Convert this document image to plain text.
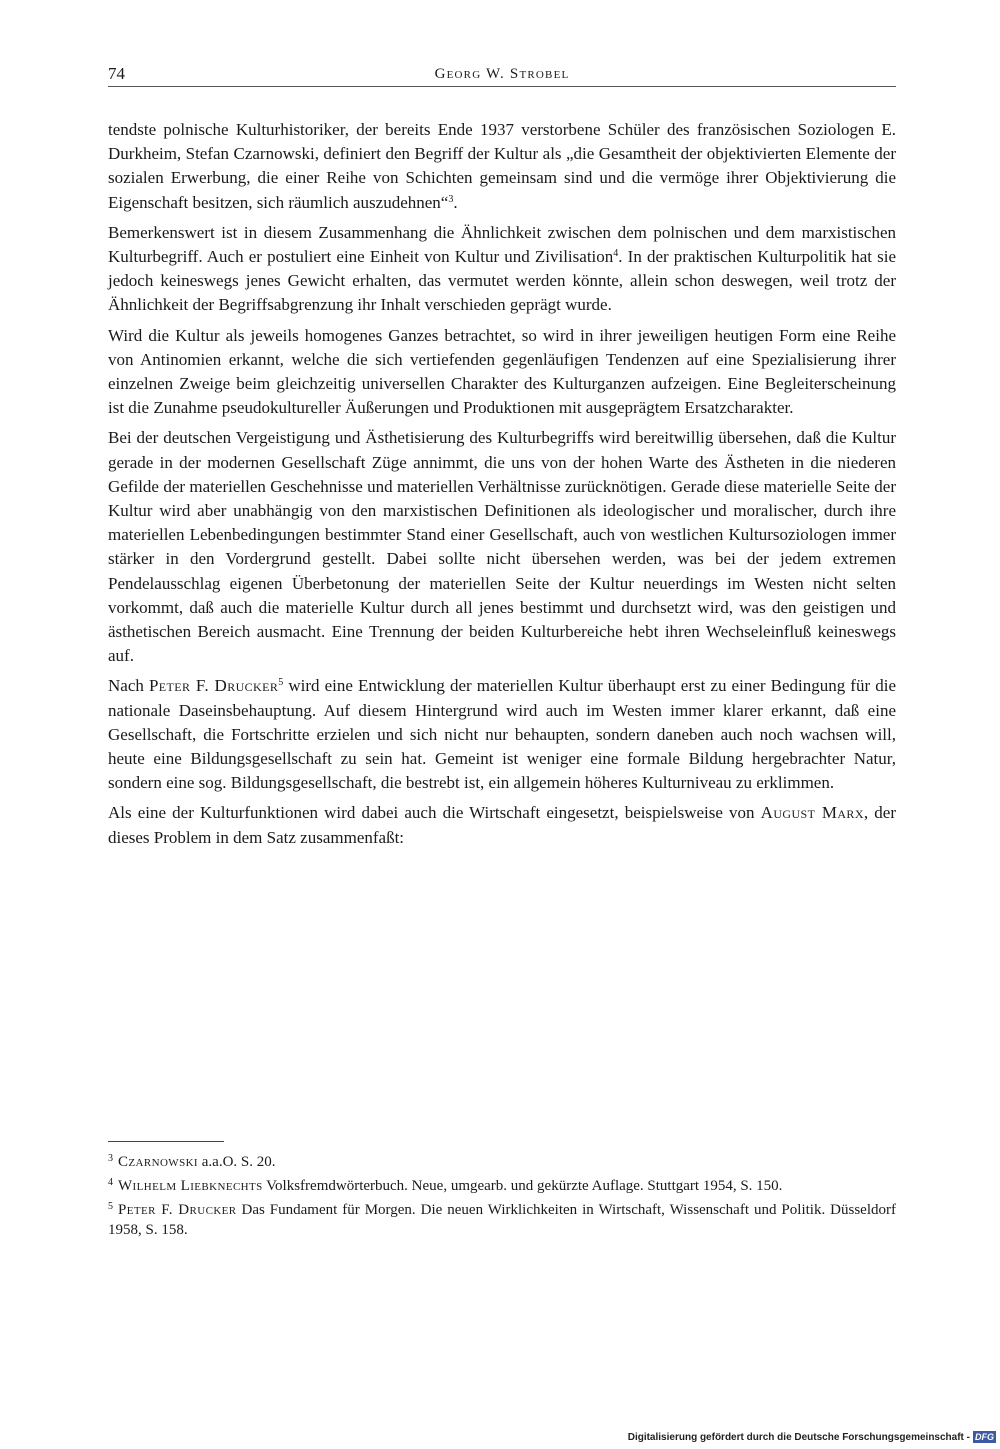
74	Georg W. Strobel

tendste polnische Kulturhistoriker, der bereits Ende 1937 verstorbene Schüler des französischen Soziologen E. Durkheim, Stefan Czarnowski, definiert den Begriff der Kultur als „die Gesamtheit der objektivierten Elemente der sozialen Erwerbung, die einer Reihe von Schichten gemeinsam sind und die vermöge ihrer Objektivierung die Eigenschaft besitzen, sich räumlich auszudehnen“$^3$.

Bemerkenswert ist in diesem Zusammenhang die Ähnlichkeit zwischen dem polnischen und dem marxistischen Kulturbegriff. Auch er postuliert eine Einheit von Kultur und Zivilisation$^4$. In der praktischen Kulturpolitik hat sie jedoch keineswegs jenes Gewicht erhalten, das vermutet werden könnte, allein schon deswegen, weil trotz der Ähnlichkeit der Begriffsabgrenzung ihr Inhalt verschieden geprägt wurde.

Wird die Kultur als jeweils homogenes Ganzes betrachtet, so wird in ihrer jeweiligen heutigen Form eine Reihe von Antinomien erkannt, welche die sich vertiefenden gegenläufigen Tendenzen auf eine Spezialisierung ihrer einzelnen Zweige beim gleichzeitig universellen Charakter des Kulturganzen aufzeigen. Eine Begleiterscheinung ist die Zunahme pseudokultureller Äußerungen und Produktionen mit ausgeprägtem Ersatzcharakter.

Bei der deutschen Vergeistigung und Ästhetisierung des Kulturbegriffs wird bereitwillig übersehen, daß die Kultur gerade in der modernen Gesellschaft Züge annimmt, die uns von der hohen Warte des Ästheten in die niederen Gefilde der materiellen Geschehnisse und materiellen Verhältnisse zurücknötigen. Gerade diese materielle Seite der Kultur wird aber unabhängig von den marxistischen Definitionen als ideologischer und moralischer, durch ihre materiellen Lebenbedingungen bestimmter Stand einer Gesellschaft, auch von westlichen Kultursoziologen immer stärker in den Vordergrund gestellt. Dabei sollte nicht übersehen werden, was bei der jedem extremen Pendelausschlag eigenen Überbetonung der materiellen Seite der Kultur neuerdings im Westen nicht selten vorkommt, daß auch die materielle Kultur durch all jenes bestimmt und durchsetzt wird, was den geistigen und ästhetischen Bereich ausmacht. Eine Trennung der beiden Kulturbereiche hebt ihren Wechseleinfluß keineswegs auf.

Nach Peter F. Drucker$^5$ wird eine Entwicklung der materiellen Kultur überhaupt erst zu einer Bedingung für die nationale Daseinsbehauptung. Auf diesem Hintergrund wird auch im Westen immer klarer erkannt, daß eine Gesellschaft, die Fortschritte erzielen und sich nicht nur behaupten, sondern daneben auch noch wachsen will, heute eine Bildungsgesellschaft zu sein hat. Gemeint ist weniger eine formale Bildung hergebrachter Natur, sondern eine sog. Bildungsgesellschaft, die bestrebt ist, ein allgemein höheres Kulturniveau zu erklimmen.

Als eine der Kulturfunktionen wird dabei auch die Wirtschaft eingesetzt, beispielsweise von August Marx, der dieses Problem in dem Satz zusammenfaßt:

$^3$ Czarnowski a.a.O. S. 20.

$^4$ Wilhelm Liebknechts Volksfremdwörterbuch. Neue, umgearb. und gekürzte Auflage. Stuttgart 1954, S. 150.

$^5$ Peter F. Drucker Das Fundament für Morgen. Die neuen Wirklichkeiten in Wirtschaft, Wissenschaft und Politik. Düsseldorf 1958, S. 158.

Digitalisierung gefördert durch die Deutsche Forschungsgemeinschaft - DFG
